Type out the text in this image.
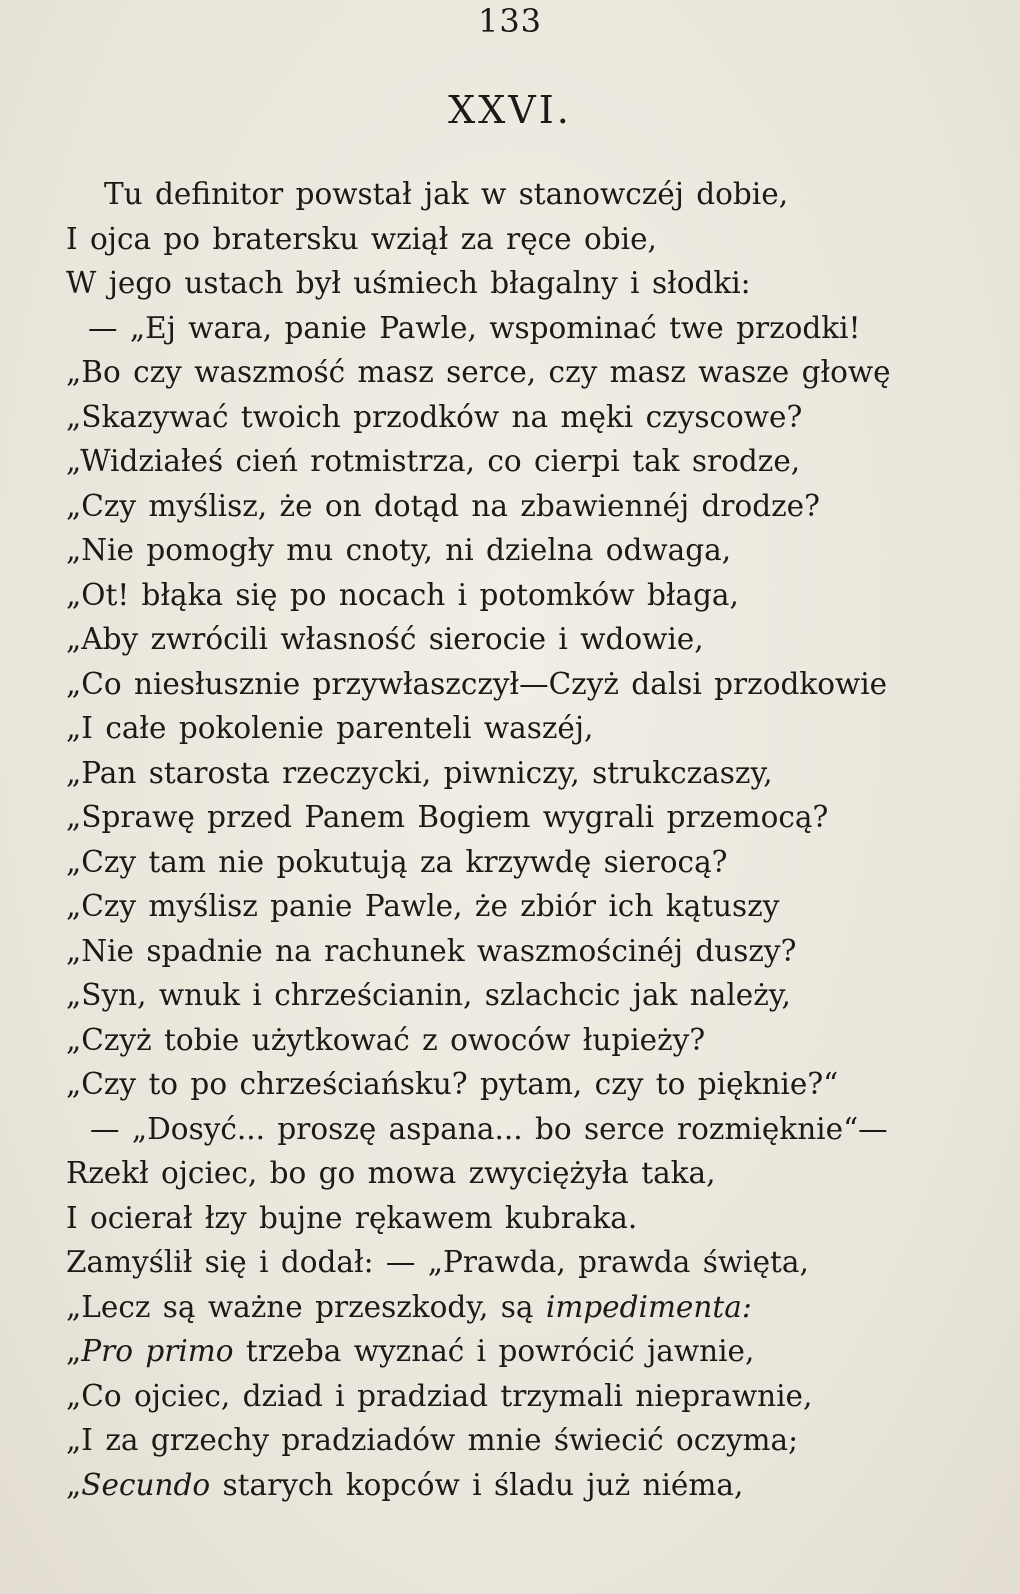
133
XXVI.
Tu definitor powstał jak w stanowczéj dobie,
I ojca po bratersku wziął za ręce obie,
W jego ustach był uśmiech błagalny i słodki:
— „Ej wara, panie Pawle, wspominać twe przodki!
„Bo czy waszmość masz serce, czy masz wasze głowę
„Skazywać twoich przodków na męki czyscowe?
„Widziałeś cień rotmistrza, co cierpi tak srodze,
„Czy myślisz, że on dotąd na zbawiennéj drodze?
„Nie pomogły mu cnoty, ni dzielna odwaga,
„Ot! błąka się po nocach i potomków błaga,
„Aby zwrócili własność sierocie i wdowie,
„Co niesłusznie przywłaszczył—Czyż dalsi przodkowie
„I całe pokolenie parenteli waszéj,
„Pan starosta rzeczycki, piwniczy, strukczaszy,
„Sprawę przed Panem Bogiem wygrali przemocą?
„Czy tam nie pokutują za krzywdę sierocą?
„Czy myślisz panie Pawle, że zbiór ich kątuszy
„Nie spadnie na rachunek waszmościnéj duszy?
„Syn, wnuk i chrześcianin, szlachcic jak należy,
„Czyż tobie użytkować z owoców łupieży?
„Czy to po chrześciańsku? pytam, czy to pięknie?“
— „Dosyć... proszę aspana... bo serce rozmięknie“—
Rzekł ojciec, bo go mowa zwyciężyła taka,
I ocierał łzy bujne rękawem kubraka.
Zamyślił się i dodał: — „Prawda, prawda święta,
„Lecz są ważne przeszkody, są impedimenta:
„Pro primo trzeba wyznać i powrócić jawnie,
„Co ojciec, dziad i pradziad trzymali nieprawnie,
„I za grzechy pradziadów mnie świecić oczyma;
„Secundo starych kopców i śladu już niéma,
